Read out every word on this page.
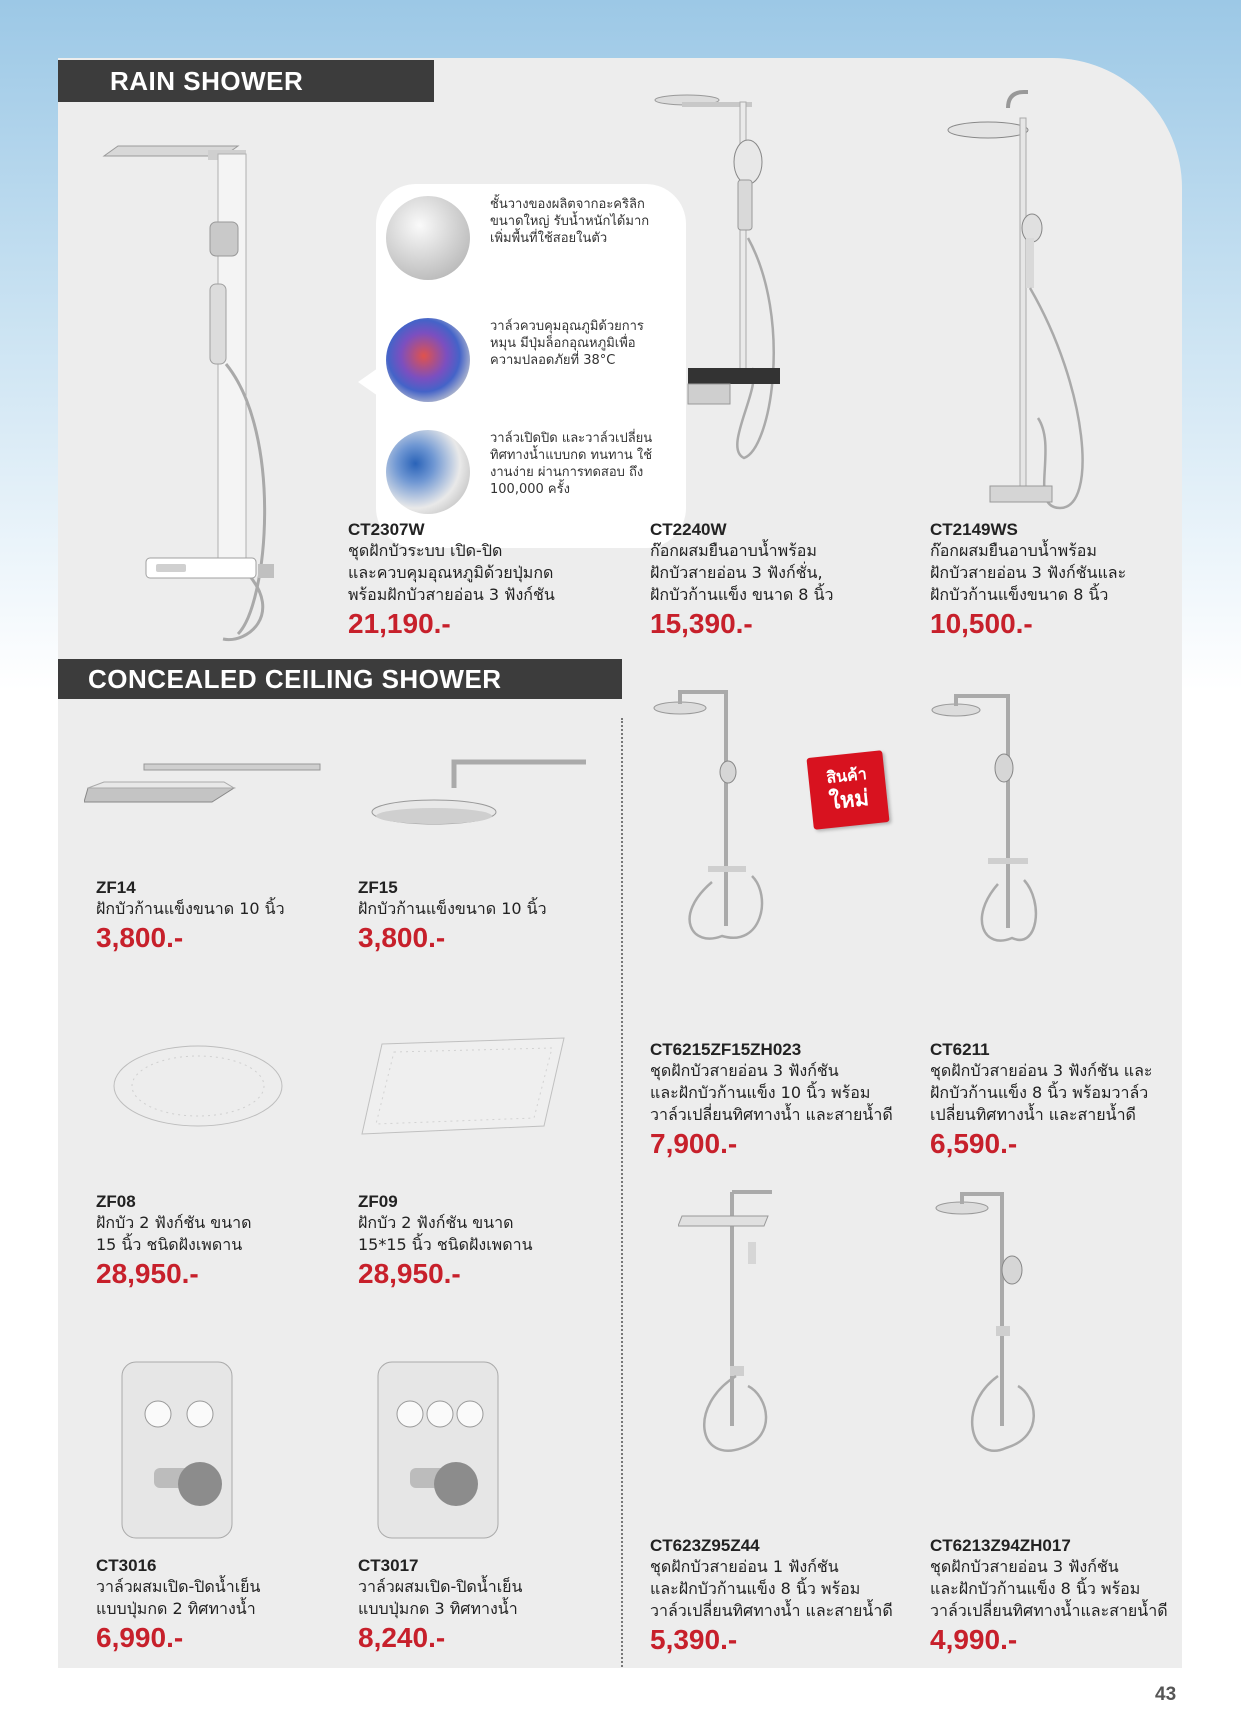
RAIN SHOWER
CONCEALED CEILING SHOWER
ชั้นวางของผลิตจากอะคริลิก ขนาดใหญ่ รับน้ำหนักได้มาก เพิ่มพื้นที่ใช้สอยในตัว
วาล์วควบคุมอุณภูมิด้วยการ หมุน มีปุ่มล็อกอุณหภูมิเพื่อ ความปลอดภัยที่ 38°C
วาล์วเปิดปิด และวาล์วเปลี่ยน ทิศทางน้ำแบบกด ทนทาน ใช้งานง่าย ผ่านการทดสอบ ถึง 100,000 ครั้ง
สินค้า
ใหม่
CT2307W
ชุดฝักบัวระบบ เปิด-ปิด
และควบคุมอุณหภูมิด้วยปุ่มกด
พร้อมฝักบัวสายอ่อน 3 ฟังก์ชัน
21,190.-
CT2240W
ก๊อกผสมยืนอาบน้ำพร้อม
ฝักบัวสายอ่อน 3 ฟังก์ชั่น,
ฝักบัวก้านแข็ง ขนาด 8 นิ้ว
15,390.-
CT2149WS
ก๊อกผสมยืนอาบน้ำพร้อม
ฝักบัวสายอ่อน 3 ฟังก์ชันและ
ฝักบัวก้านแข็งขนาด 8 นิ้ว
10,500.-
ZF14
ฝักบัวก้านแข็งขนาด 10 นิ้ว
3,800.-
ZF15
ฝักบัวก้านแข็งขนาด 10 นิ้ว
3,800.-
ZF08
ฝักบัว 2 ฟังก์ชัน ขนาด
15 นิ้ว ชนิดฝังเพดาน
28,950.-
ZF09
ฝักบัว 2 ฟังก์ชัน ขนาด
15*15 นิ้ว ชนิดฝังเพดาน
28,950.-
CT3016
วาล์วผสมเปิด-ปิดน้ำเย็น
แบบปุ่มกด 2 ทิศทางน้ำ
6,990.-
CT3017
วาล์วผสมเปิด-ปิดน้ำเย็น
แบบปุ่มกด 3 ทิศทางน้ำ
8,240.-
CT6215ZF15ZH023
ชุดฝักบัวสายอ่อน 3 ฟังก์ชัน
และฝักบัวก้านแข็ง 10 นิ้ว พร้อม
วาล์วเปลี่ยนทิศทางน้ำ และสายน้ำดี
7,900.-
CT6211
ชุดฝักบัวสายอ่อน 3 ฟังก์ชัน และ
ฝักบัวก้านแข็ง 8 นิ้ว พร้อมวาล์ว
เปลี่ยนทิศทางน้ำ และสายน้ำดี
6,590.-
CT623Z95Z44
ชุดฝักบัวสายอ่อน 1 ฟังก์ชัน
และฝักบัวก้านแข็ง 8 นิ้ว พร้อม
วาล์วเปลี่ยนทิศทางน้ำ และสายน้ำดี
5,390.-
CT6213Z94ZH017
ชุดฝักบัวสายอ่อน 3 ฟังก์ชัน
และฝักบัวก้านแข็ง 8 นิ้ว พร้อม
วาล์วเปลี่ยนทิศทางน้ำและสายน้ำดี
4,990.-
43
